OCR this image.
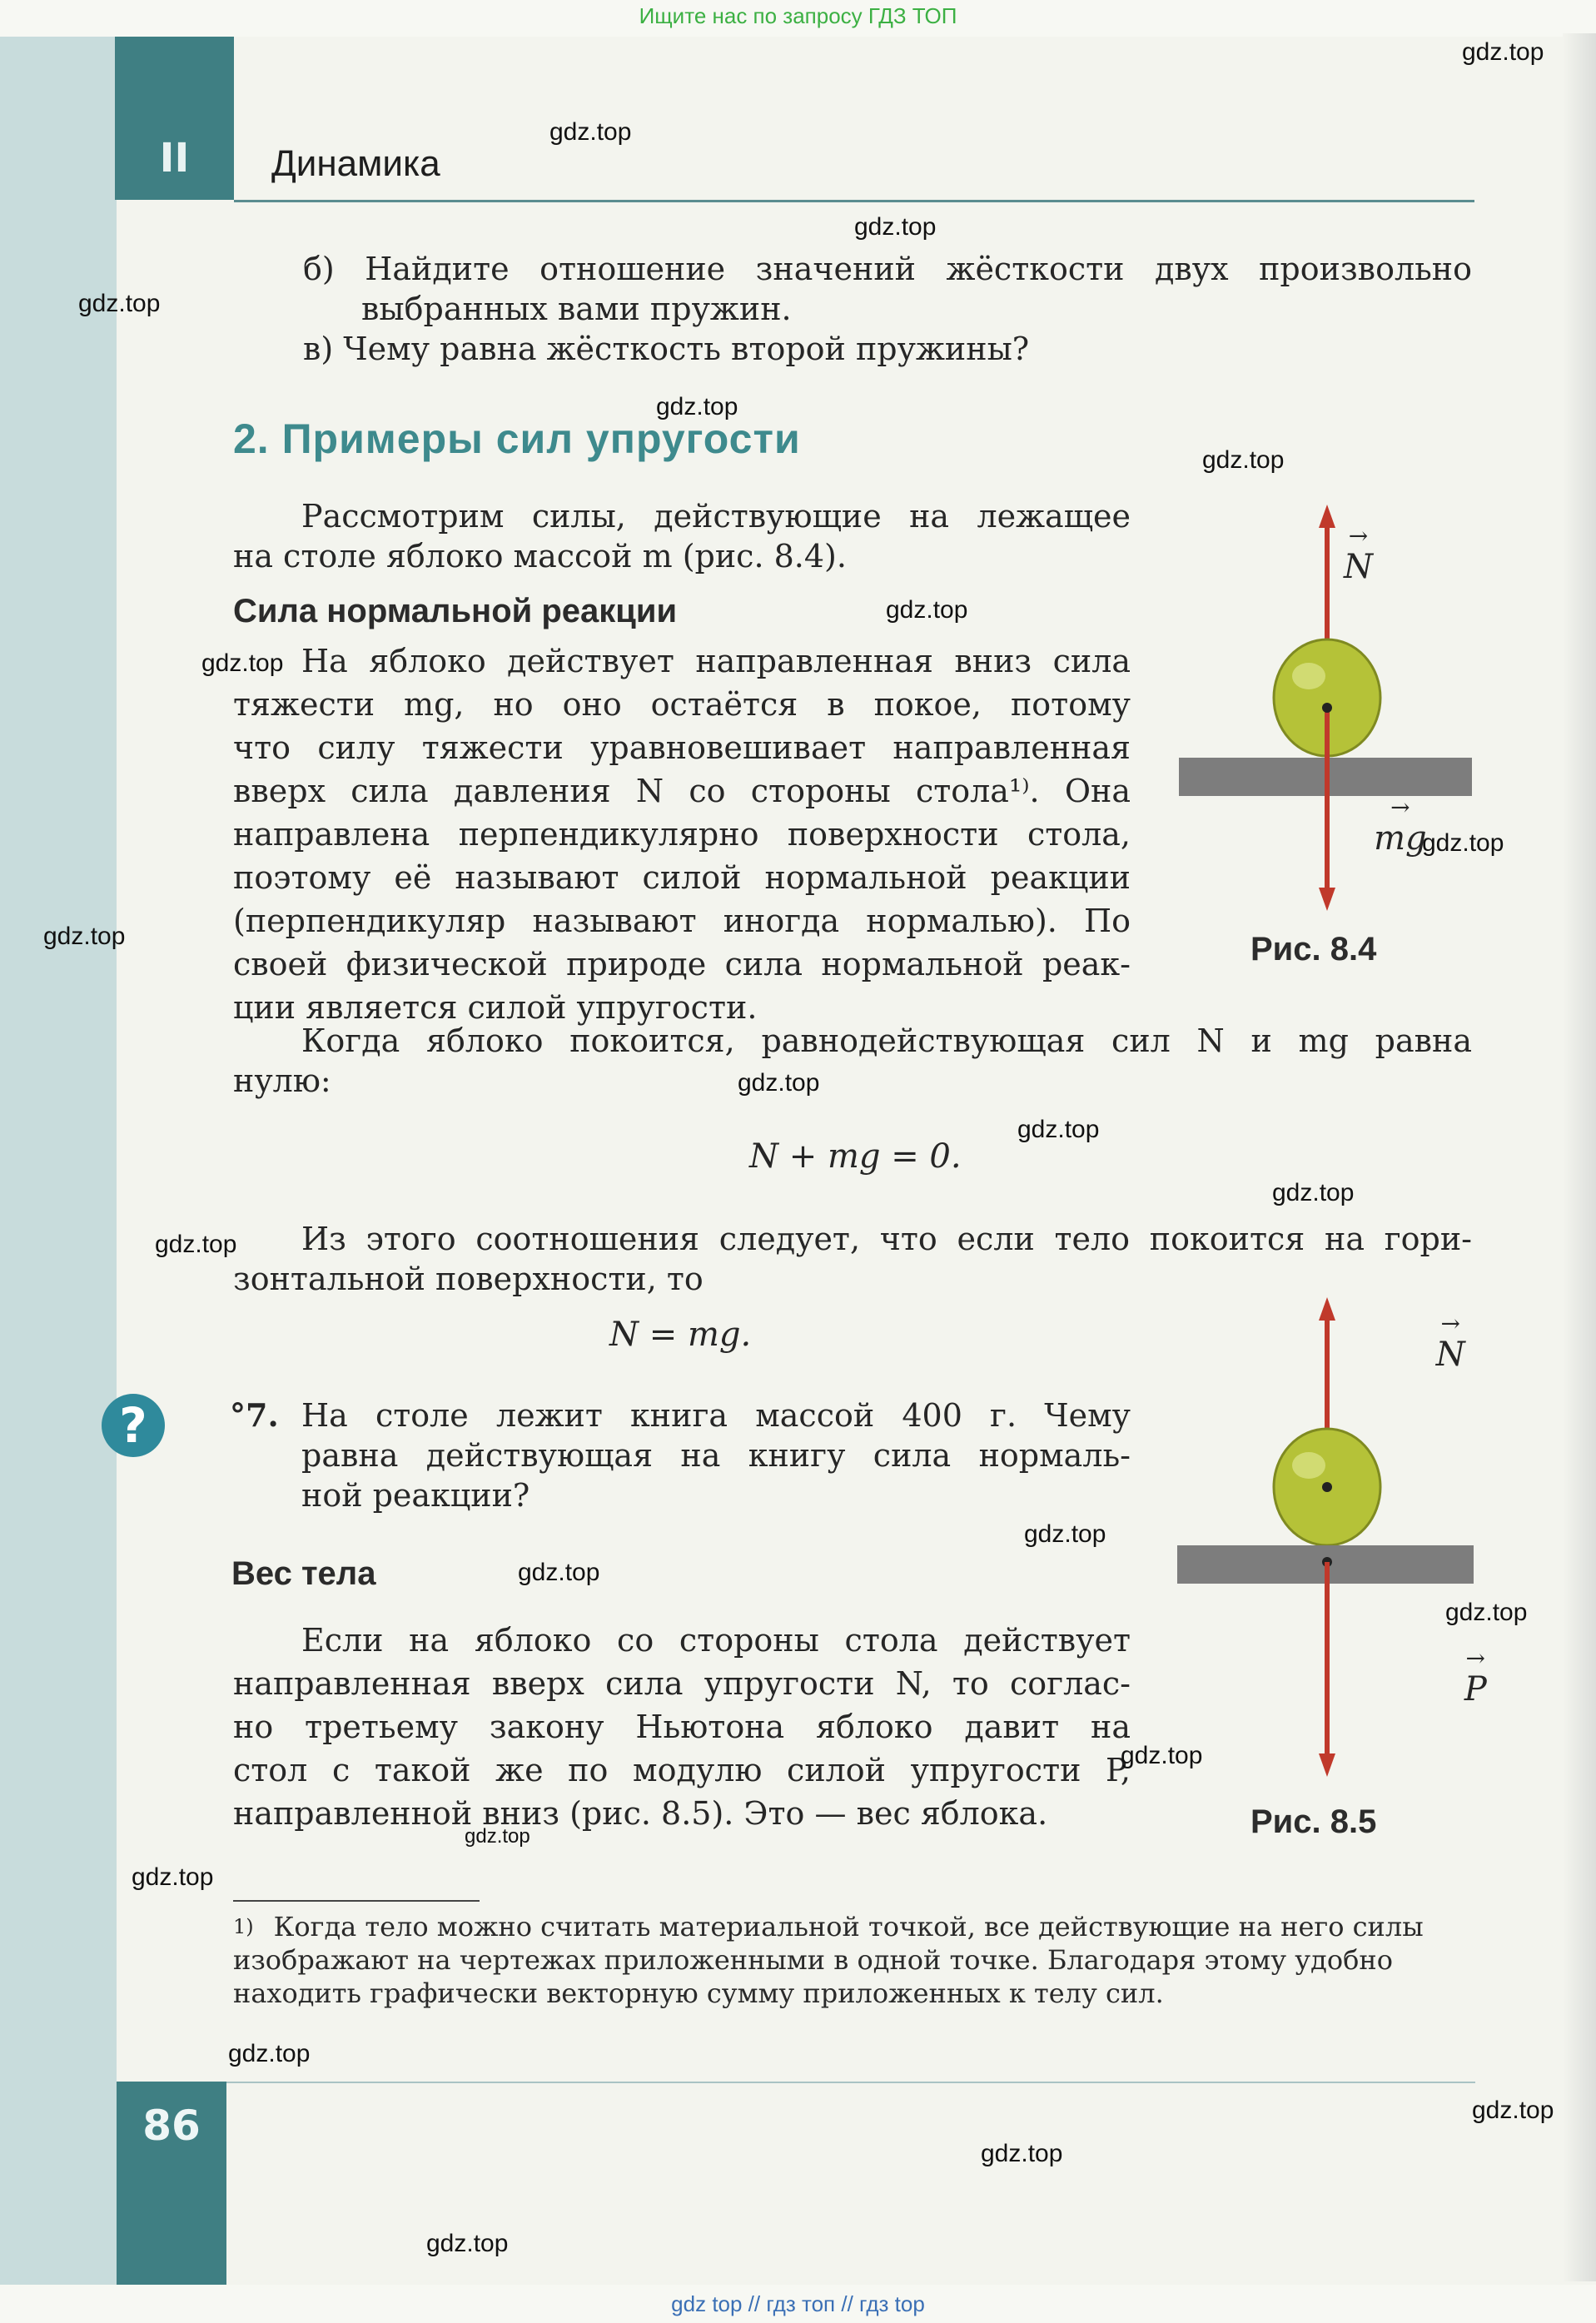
Ищите нас по запросу ГДЗ ТОП
II	Динамика
б) Найдите отношение значений жёсткости двух произвольно
выбранных вами пружин.
в) Чему равна жёсткость второй пружины?
2. Примеры сил упругости
Рассмотрим силы, действующие на лежащее
на столе яблоко массой m (рис. 8.4).
Сила нормальной реакции
На яблоко действует направленная вниз сила
тяжести mg, но оно остаётся в покое, потому
что силу тяжести уравновешивает направленная
вверх сила давления N со стороны стола¹⁾. Она
направлена перпендикулярно поверхности стола,
поэтому её называют силой нормальной реакции
(перпендикуляр называют иногда нормалью). По
своей физической природе сила нормальной реак-
ции является силой упругости.
Когда яблоко покоится, равнодействующая сил N и mg равна
нулю:
N + mg = 0.
Из этого соотношения следует, что если тело покоится на гори-
зонтальной поверхности, то
N = mg.
?	°7. На столе лежит книга массой 400 г. Чему
равна действующая на книгу сила нормаль-
ной реакции?
Вес тела
Если на яблоко со стороны стола действует
направленная вверх сила упругости N, то соглас-
но третьему закону Ньютона яблоко давит на
стол с такой же по модулю силой упругости P,
направленной вниз (рис. 8.5). Это — вес яблока.
→ N → mg
Рис. 8.4
→ N → P
Рис. 8.5
$^{1)}$ Когда тело можно считать материальной точкой, все действующие на него силы изображают на чертежах приложенными в одной точке. Благодаря этому удобно находить графически векторную сумму приложенных к телу сил.
86
gdz top // гдз топ // гдз top
gdz.top
gdz.top
gdz.top
gdz.top
gdz.top
gdz.top
gdz.top
gdz.top
gdz.top
gdz.top
gdz.top
gdz.top
gdz.top
gdz.top
gdz.top
gdz.top
gdz.top
gdz.top
gdz.top
gdz.top
gdz.top
gdz.top
gdz.top
gdz.top
